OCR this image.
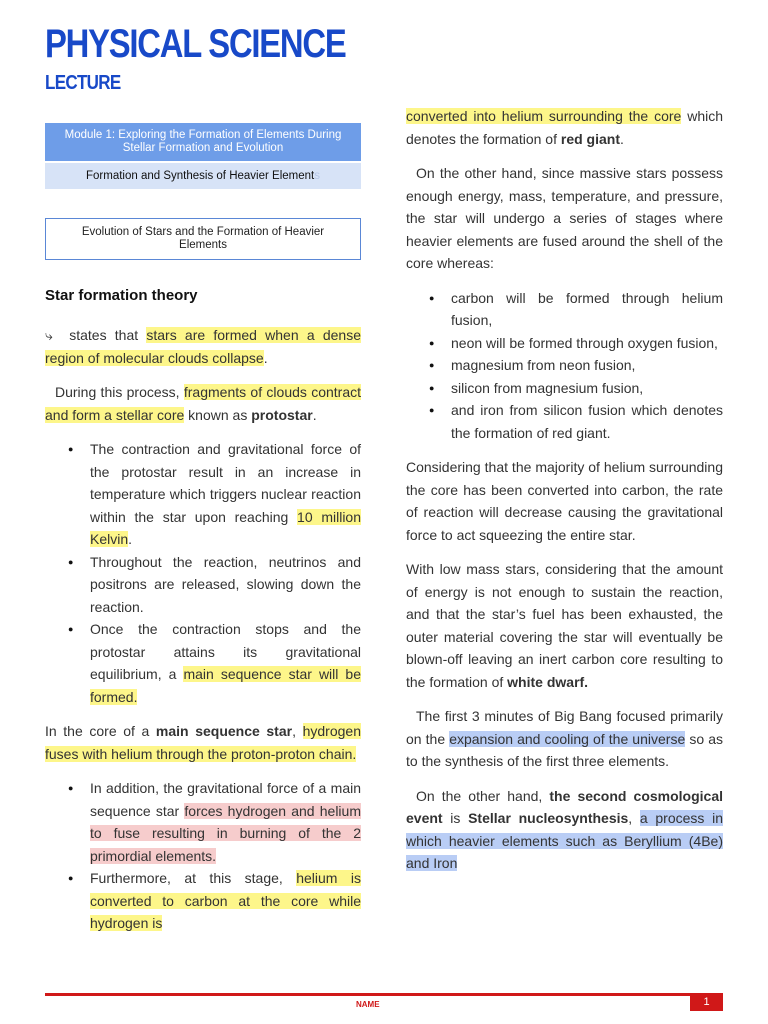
PHYSICAL SCIENCE
LECTURE
Module 1: Exploring the Formation of Elements During Stellar Formation and Evolution
Formation and Synthesis of Heavier Element s
Evolution of Stars and the Formation of Heavier Elements
Star formation theory

⤷ states that stars are formed when a dense region of molecular clouds collapse.

During this process, fragments of clouds contract and form a stellar core known as protostar.

● The contraction and gravitational force of the protostar result in an increase in temperature which triggers nuclear reaction within the star upon reaching 10 million Kelvin.
● Throughout the reaction, neutrinos and positrons are released, slowing down the reaction.
● Once the contraction stops and the protostar attains its gravitational equilibrium, a main sequence star will be formed.

In the core of a main sequence star, hydrogen fuses with helium through the proton-proton chain.

● In addition, the gravitational force of a main sequence star forces hydrogen and helium to fuse resulting in burning of the 2 primordial elements.
● Furthermore, at this stage, helium is converted to carbon at the core while hydrogen is

converted into helium surrounding the core which denotes the formation of red giant.

On the other hand, since massive stars possess enough energy, mass, temperature, and pressure, the star will undergo a series of stages where heavier elements are fused around the shell of the core whereas:

● carbon will be formed through helium fusion,
● neon will be formed through oxygen fusion,
● magnesium from neon fusion,
● silicon from magnesium fusion,
● and iron from silicon fusion which denotes the formation of red giant.

Considering that the majority of helium surrounding the core has been converted into carbon, the rate of reaction will decrease causing the gravitational force to act squeezing the entire star.

With low mass stars, considering that the amount of energy is not enough to sustain the reaction, and that the star’s fuel has been exhausted, the outer material covering the star will eventually be blown-off leaving an inert carbon core resulting to the formation of white dwarf.

The first 3 minutes of Big Bang focused primarily on the expansion and cooling of the universe so as to the synthesis of the first three elements.

On the other hand, the second cosmological event is Stellar nucleosynthesis, a process in which heavier elements such as Beryllium (4Be) and Iron

NAME	1
